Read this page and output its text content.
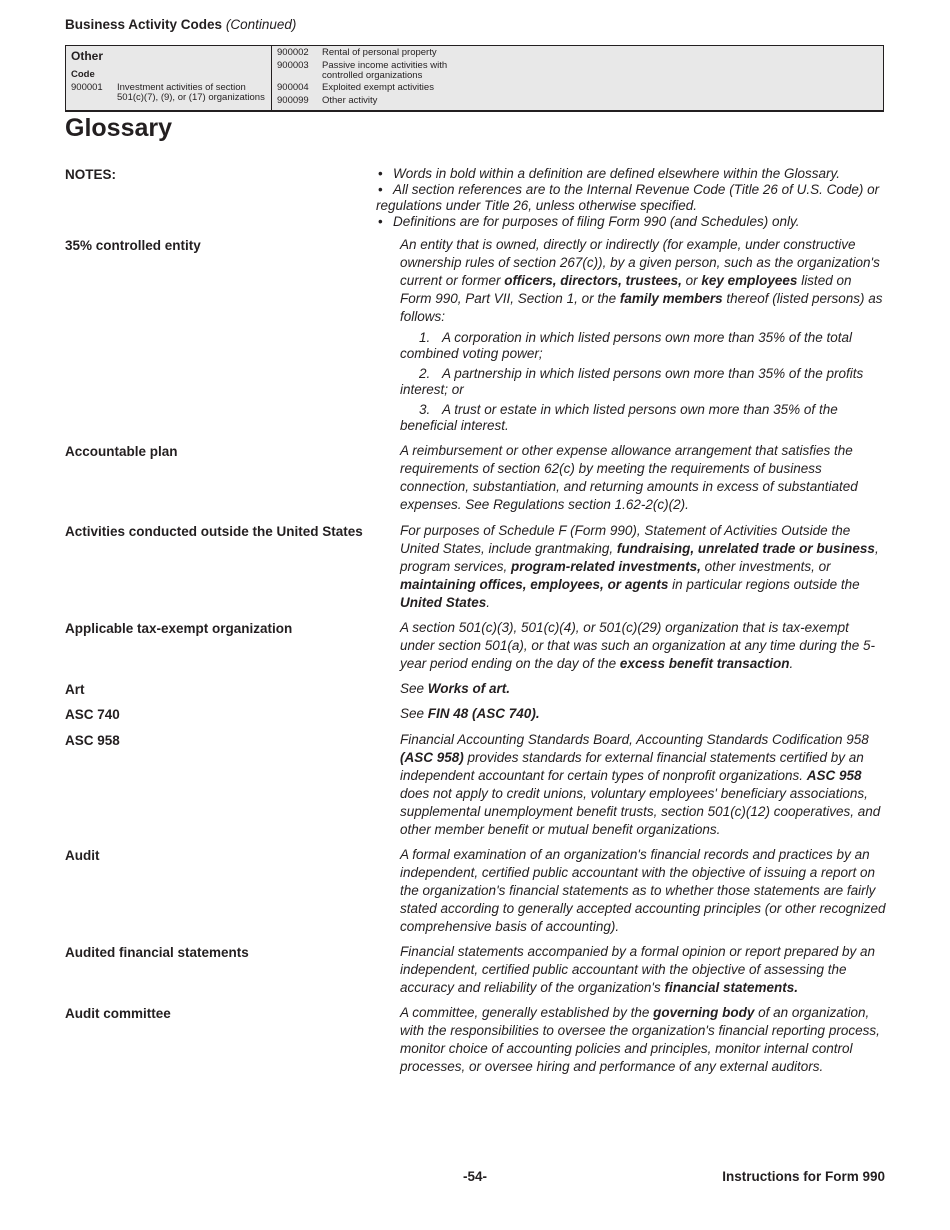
Business Activity Codes (Continued)
Other
Code
900001	Investment activities of section 501(c)(7), (9), or (17) organizations
900002	Rental of personal property
900003	Passive income activities with controlled organizations
900004	Exploited exempt activities
900099	Other activity
Glossary
NOTES:
•	Words in bold within a definition are defined elsewhere within the Glossary.
• All section references are to the Internal Revenue Code (Title 26 of U.S. Code) or regulations under Title 26, unless otherwise specified.
• Definitions are for purposes of filing Form 990 (and Schedules) only.
35% controlled entity	An entity that is owned, directly or indirectly (for example, under constructive ownership rules of section 267(c)), by a given person, such as the organization's current or former officers, directors, trustees, or key employees listed on Form 990, Part VII, Section 1, or the family members thereof (listed persons) as follows:

1. A corporation in which listed persons own more than 35% of the total combined voting power;

2. A partnership in which listed persons own more than 35% of the profits interest; or

3. A trust or estate in which listed persons own more than 35% of the beneficial interest.

Accountable plan	A reimbursement or other expense allowance arrangement that satisfies the requirements of section 62(c) by meeting the requirements of business connection, substantiation, and returning amounts in excess of substantiated expenses. See Regulations section 1.62-2(c)(2).

Activities conducted outside the United States	For purposes of Schedule F (Form 990), Statement of Activities Outside the United States, include grantmaking, fundraising, unrelated trade or business, program services, program-related investments, other investments, or maintaining offices, employees, or agents in particular regions outside the United States.

Applicable tax-exempt organization	A section 501(c)(3), 501(c)(4), or 501(c)(29) organization that is tax-exempt under section 501(a), or that was such an organization at any time during the 5-year period ending on the day of the excess benefit transaction.

Art	See Works of art.

ASC 740	See FIN 48 (ASC 740).

ASC 958	Financial Accounting Standards Board, Accounting Standards Codification 958 (ASC 958) provides standards for external financial statements certified by an independent accountant for certain types of nonprofit organizations. ASC 958 does not apply to credit unions, voluntary employees' beneficiary associations, supplemental unemployment benefit trusts, section 501(c)(12) cooperatives, and other member benefit or mutual benefit organizations.

Audit	A formal examination of an organization's financial records and practices by an independent, certified public accountant with the objective of issuing a report on the organization's financial statements as to whether those statements are fairly stated according to generally accepted accounting principles (or other recognized comprehensive basis of accounting).

Audited financial statements	Financial statements accompanied by a formal opinion or report prepared by an independent, certified public accountant with the objective of assessing the accuracy and reliability of the organization's financial statements.

Audit committee	A committee, generally established by the governing body of an organization, with the responsibilities to oversee the organization's financial reporting process, monitor choice of accounting policies and principles, monitor internal control processes, or oversee hiring and performance of any external auditors.

-54-	Instructions for Form 990
